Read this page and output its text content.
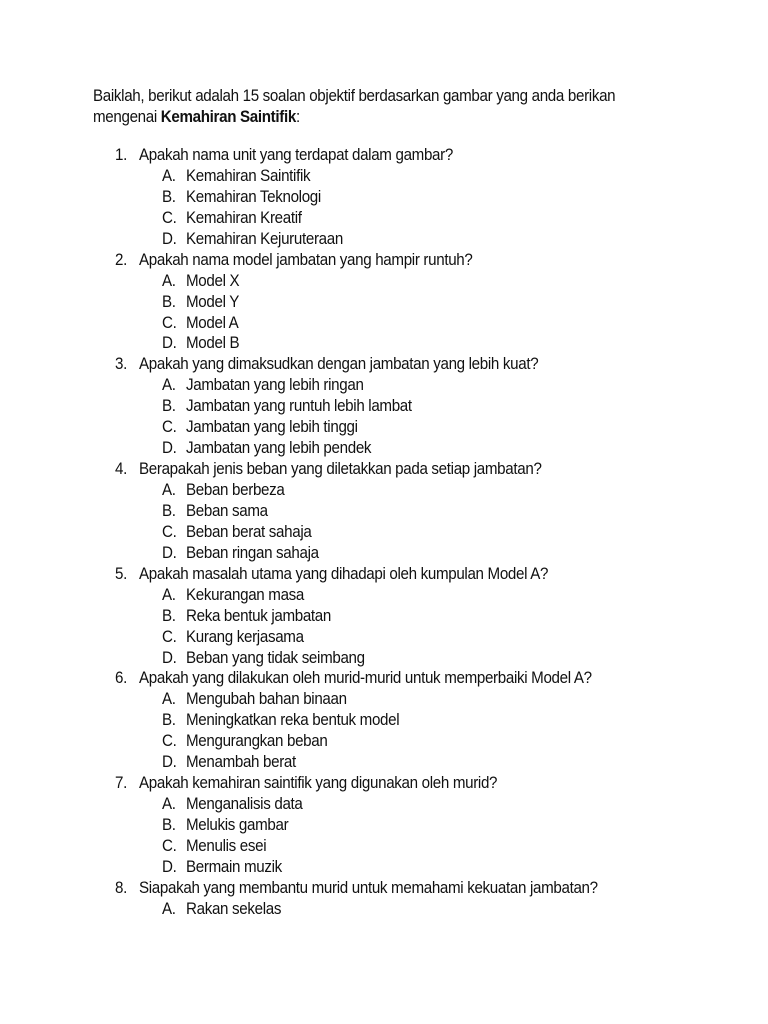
Baiklah, berikut adalah 15 soalan objektif berdasarkan gambar yang anda berikan mengenai Kemahiran Saintifik:
1. Apakah nama unit yang terdapat dalam gambar?
A. Kemahiran Saintifik
B. Kemahiran Teknologi
C. Kemahiran Kreatif
D. Kemahiran Kejuruteraan
2. Apakah nama model jambatan yang hampir runtuh?
A. Model X
B. Model Y
C. Model A
D. Model B
3. Apakah yang dimaksudkan dengan jambatan yang lebih kuat?
A. Jambatan yang lebih ringan
B. Jambatan yang runtuh lebih lambat
C. Jambatan yang lebih tinggi
D. Jambatan yang lebih pendek
4. Berapakah jenis beban yang diletakkan pada setiap jambatan?
A. Beban berbeza
B. Beban sama
C. Beban berat sahaja
D. Beban ringan sahaja
5. Apakah masalah utama yang dihadapi oleh kumpulan Model A?
A. Kekurangan masa
B. Reka bentuk jambatan
C. Kurang kerjasama
D. Beban yang tidak seimbang
6. Apakah yang dilakukan oleh murid-murid untuk memperbaiki Model A?
A. Mengubah bahan binaan
B. Meningkatkan reka bentuk model
C. Mengurangkan beban
D. Menambah berat
7. Apakah kemahiran saintifik yang digunakan oleh murid?
A. Menganalisis data
B. Melukis gambar
C. Menulis esei
D. Bermain muzik
8. Siapakah yang membantu murid untuk memahami kekuatan jambatan?
A. Rakan sekelas
